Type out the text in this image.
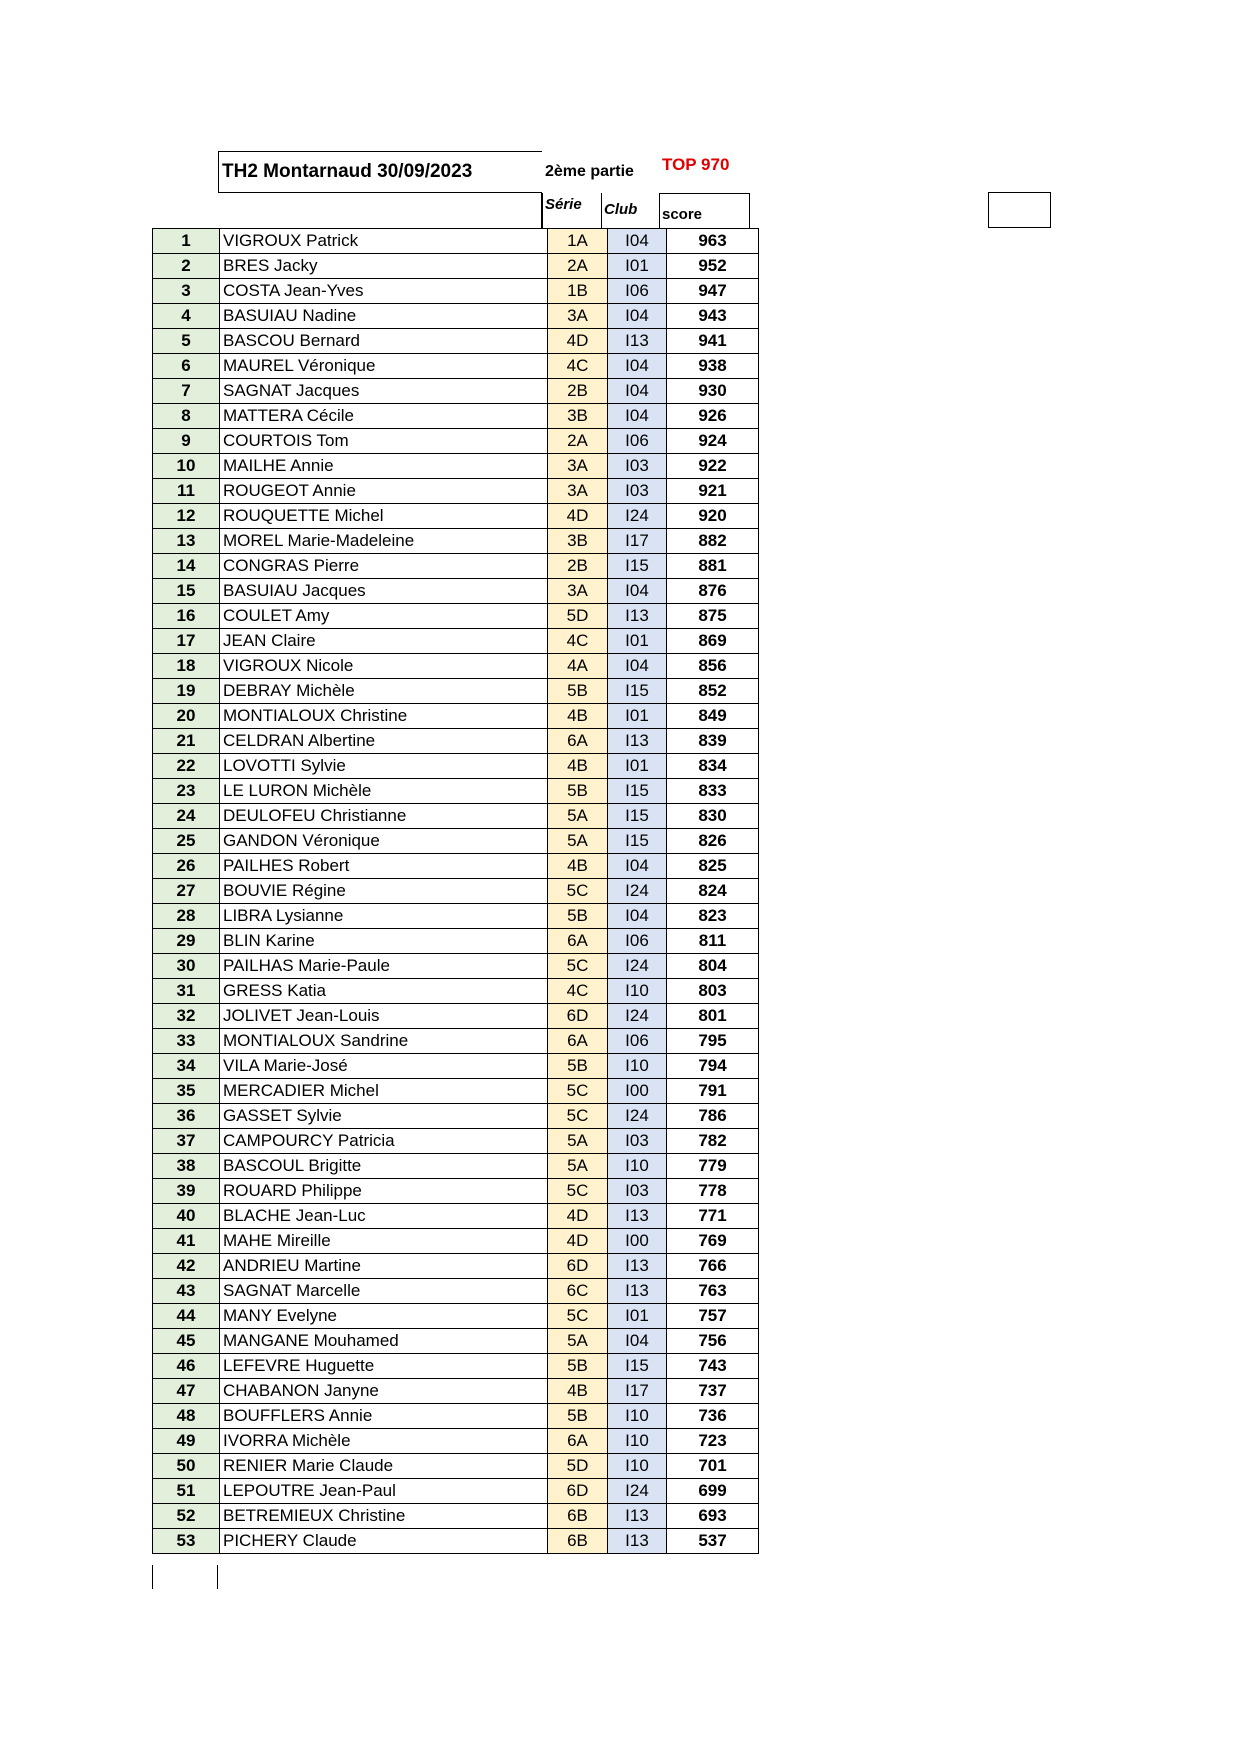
TH2 Montarnaud 30/09/2023	2ème partie TOP 970
Série Club score
1	VIGROUX Patrick	1A	I04	963
2	BRES Jacky	2A	I01	952
3	COSTA Jean-Yves	1B	I06	947
4	BASUIAU Nadine	3A	I04	943
5	BASCOU Bernard	4D	I13	941
6	MAUREL Véronique	4C	I04	938
7	SAGNAT Jacques	2B	I04	930
8	MATTERA Cécile	3B	I04	926
9	COURTOIS Tom	2A	I06	924
10	MAILHE Annie	3A	I03	922
11	ROUGEOT Annie	3A	I03	921
12	ROUQUETTE Michel	4D	I24	920
13	MOREL Marie-Madeleine	3B	I17	882
14	CONGRAS Pierre	2B	I15	881
15	BASUIAU Jacques	3A	I04	876
16	COULET Amy	5D	I13	875
17	JEAN Claire	4C	I01	869
18	VIGROUX Nicole	4A	I04	856
19	DEBRAY Michèle	5B	I15	852
20	MONTIALOUX Christine	4B	I01	849
21	CELDRAN Albertine	6A	I13	839
22	LOVOTTI Sylvie	4B	I01	834
23	LE LURON Michèle	5B	I15	833
24	DEULOFEU Christianne	5A	I15	830
25	GANDON Véronique	5A	I15	826
26	PAILHES Robert	4B	I04	825
27	BOUVIE Régine	5C	I24	824
28	LIBRA Lysianne	5B	I04	823
29	BLIN Karine	6A	I06	811
30	PAILHAS Marie-Paule	5C	I24	804
31	GRESS Katia	4C	I10	803
32	JOLIVET Jean-Louis	6D	I24	801
33	MONTIALOUX Sandrine	6A	I06	795
34	VILA Marie-José	5B	I10	794
35	MERCADIER Michel	5C	I00	791
36	GASSET Sylvie	5C	I24	786
37	CAMPOURCY Patricia	5A	I03	782
38	BASCOUL Brigitte	5A	I10	779
39	ROUARD Philippe	5C	I03	778
40	BLACHE Jean-Luc	4D	I13	771
41	MAHE Mireille	4D	I00	769
42	ANDRIEU Martine	6D	I13	766
43	SAGNAT Marcelle	6C	I13	763
44	MANY Evelyne	5C	I01	757
45	MANGANE Mouhamed	5A	I04	756
46	LEFEVRE Huguette	5B	I15	743
47	CHABANON Janyne	4B	I17	737
48	BOUFFLERS Annie	5B	I10	736
49	IVORRA Michèle	6A	I10	723
50	RENIER Marie Claude	5D	I10	701
51	LEPOUTRE Jean-Paul	6D	I24	699
52	BETREMIEUX Christine	6B	I13	693
53	PICHERY Claude	6B	I13	537
